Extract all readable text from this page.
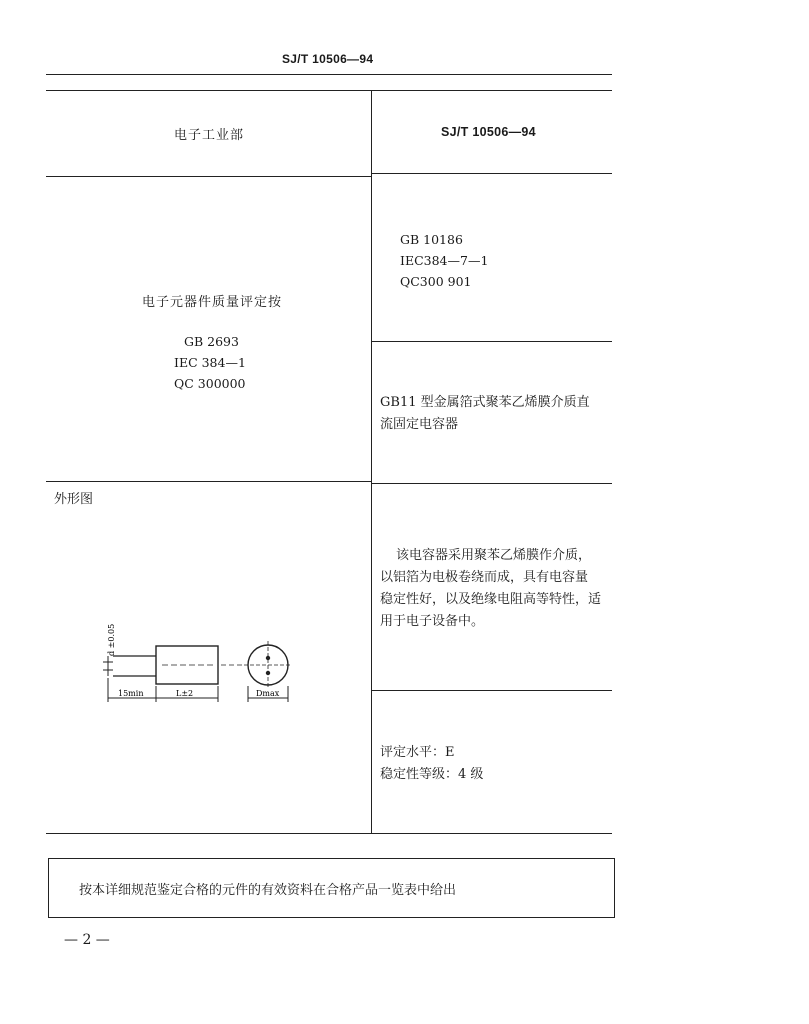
SJ/T 10506—94
电子工业部	SJ/T 10506—94
电子元器件质量评定按
GB 2693
IEC 384—1
QC 300000
GB 10186
IEC384—7—1
QC300 901
GB11 型金属箔式聚苯乙烯膜介质直
流固定电容器
外形图
d ±0.05
15min	L±2	Dmax
该电容器采用聚苯乙烯膜作介质，
以铝箔为电极卷绕而成，具有电容量
稳定性好，以及绝缘电阻高等特性，适
用于电子设备中。
评定水平：E
稳定性等级：4 级
按本详细规范鉴定合格的元件的有效资料在合格产品一览表中给出
— 2 —
